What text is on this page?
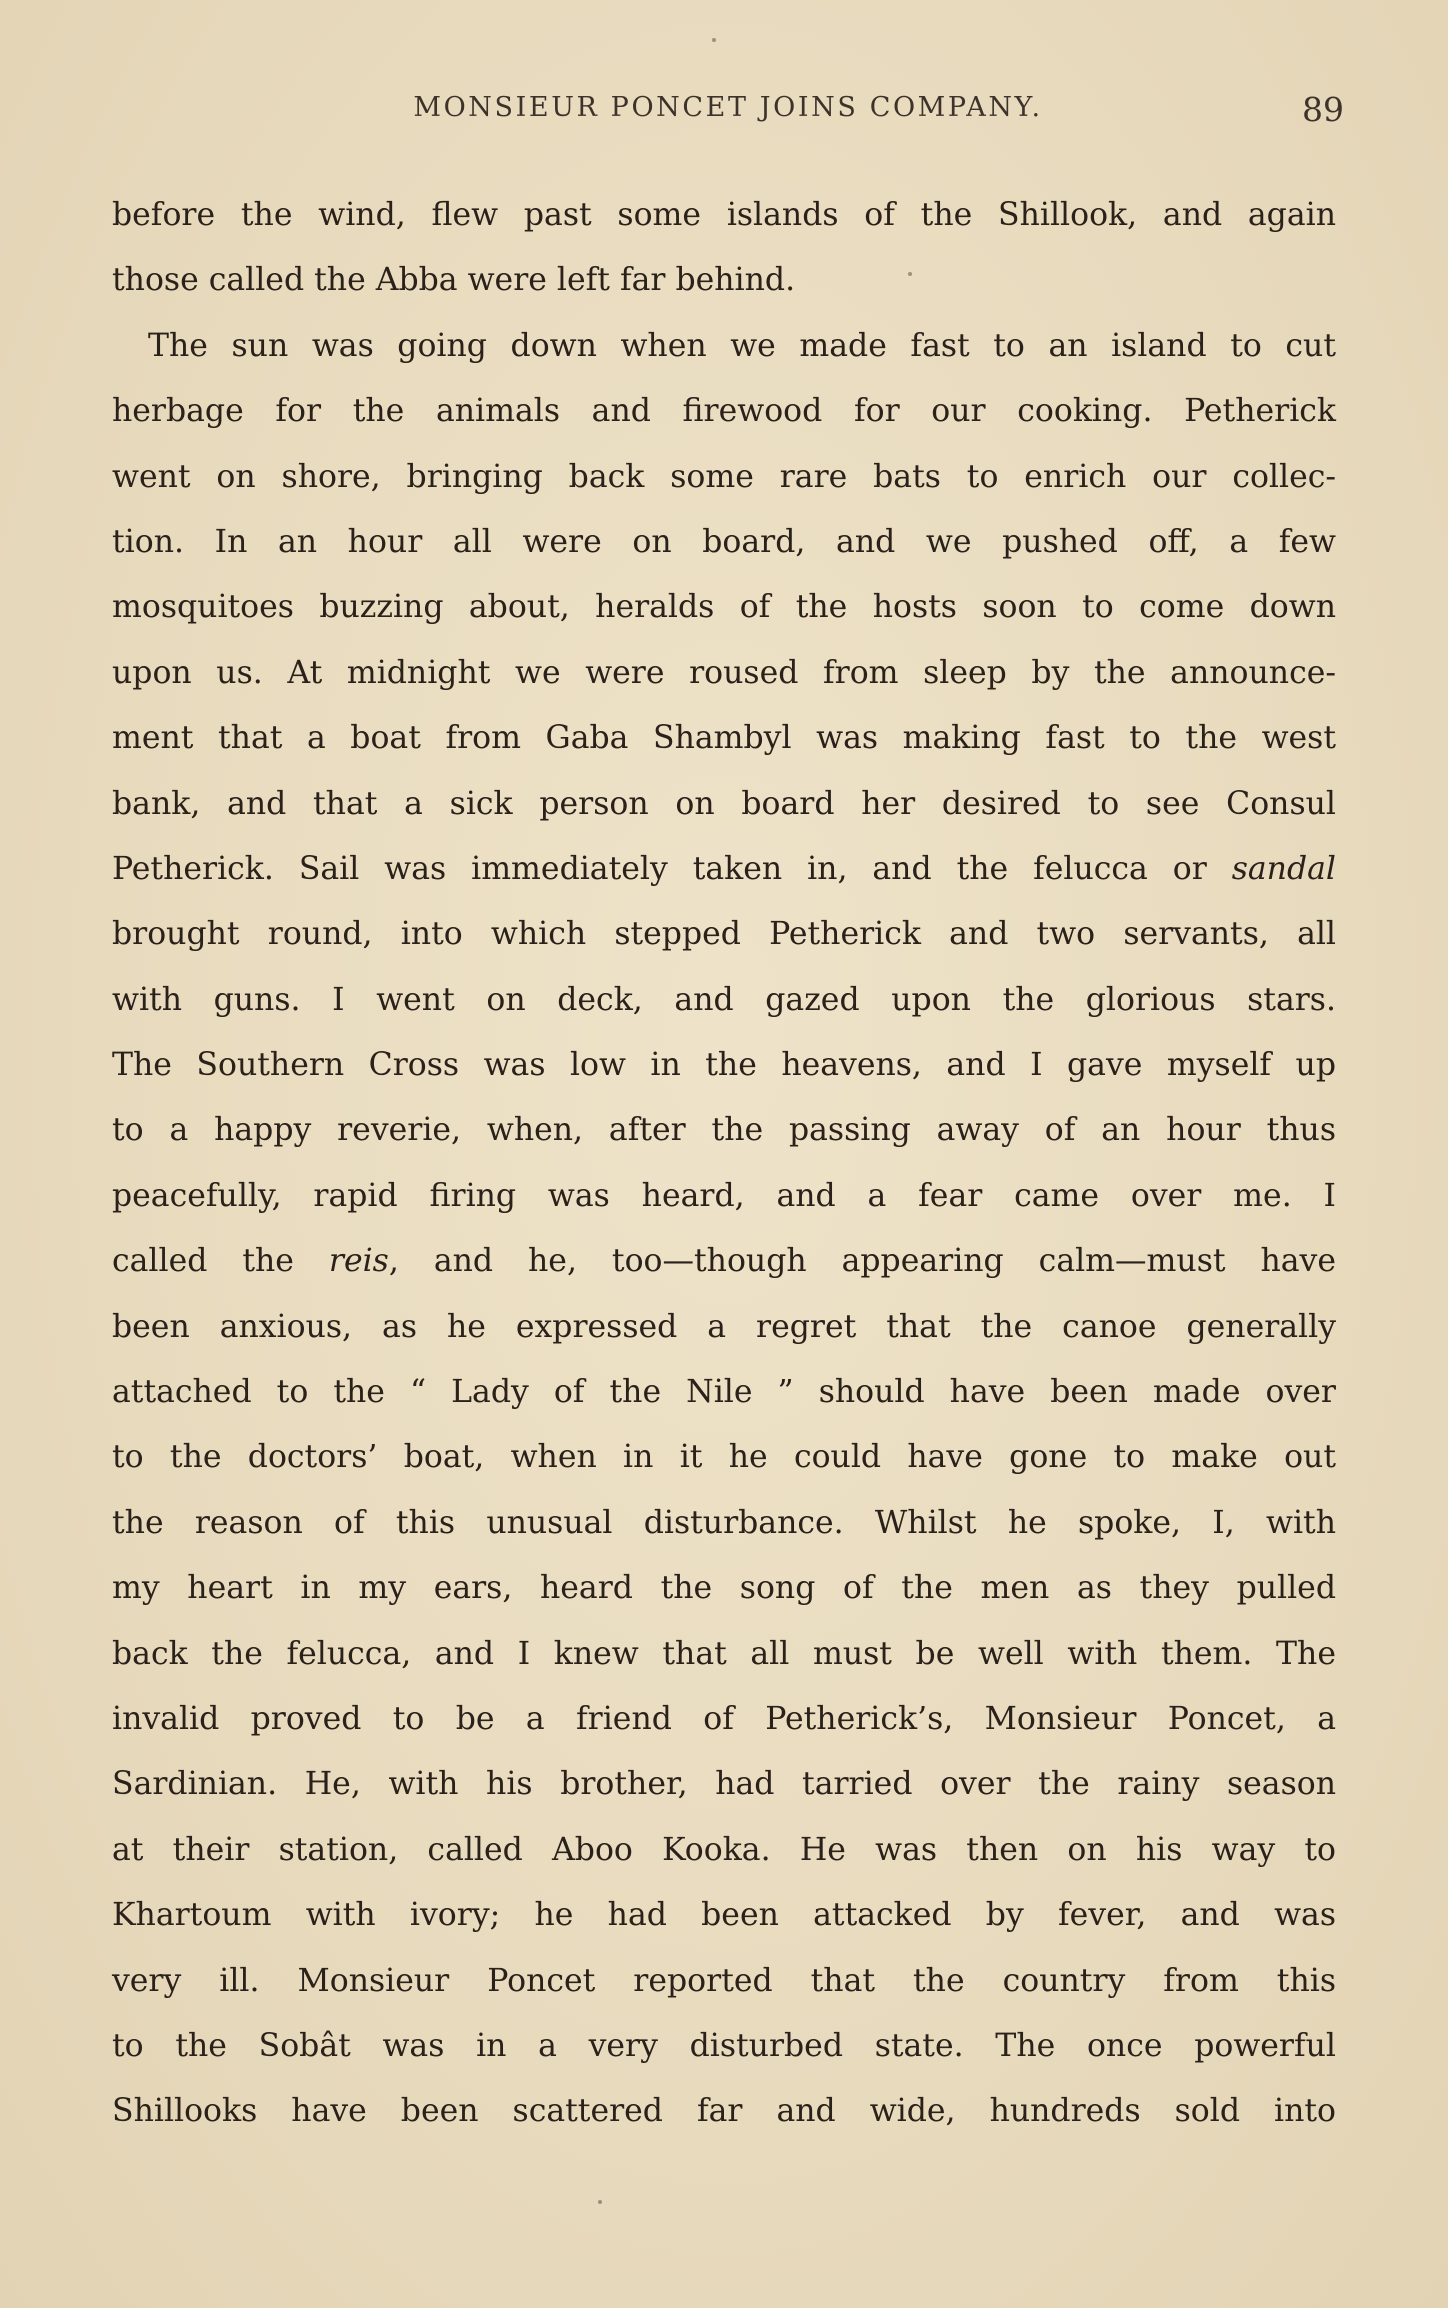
MONSIEUR PONCET JOINS COMPANY.	89
before the wind, flew past some islands of the Shillook, and again
those called the Abba were left far behind.
The sun was going down when we made fast to an island to cut
herbage for the animals and firewood for our cooking. Petherick
went on shore, bringing back some rare bats to enrich our collec-
tion. In an hour all were on board, and we pushed off, a few
mosquitoes buzzing about, heralds of the hosts soon to come down
upon us. At midnight we were roused from sleep by the announce-
ment that a boat from Gaba Shambyl was making fast to the west
bank, and that a sick person on board her desired to see Consul
Petherick. Sail was immediately taken in, and the felucca or sandal
brought round, into which stepped Petherick and two servants, all
with guns. I went on deck, and gazed upon the glorious stars.
The Southern Cross was low in the heavens, and I gave myself up
to a happy reverie, when, after the passing away of an hour thus
peacefully, rapid firing was heard, and a fear came over me. I
called the reis, and he, too—though appearing calm—must have
been anxious, as he expressed a regret that the canoe generally
attached to the “ Lady of the Nile ” should have been made over
to the doctors’ boat, when in it he could have gone to make out
the reason of this unusual disturbance. Whilst he spoke, I, with
my heart in my ears, heard the song of the men as they pulled
back the felucca, and I knew that all must be well with them. The
invalid proved to be a friend of Petherick’s, Monsieur Poncet, a
Sardinian. He, with his brother, had tarried over the rainy season
at their station, called Aboo Kooka. He was then on his way to
Khartoum with ivory; he had been attacked by fever, and was
very ill. Monsieur Poncet reported that the country from this
to the Sobât was in a very disturbed state. The once powerful
Shillooks have been scattered far and wide, hundreds sold into
